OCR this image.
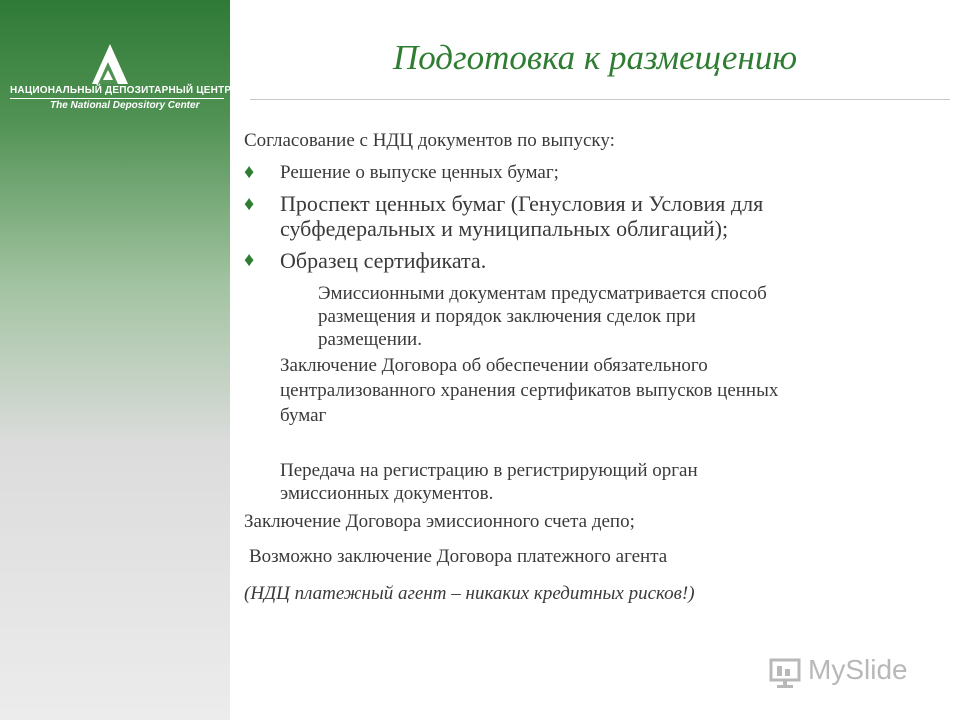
НАЦИОНАЛЬНЫЙ ДЕПОЗИТАРНЫЙ ЦЕНТР
The National Depository Center
Подготовка к размещению
Согласование с НДЦ документов по выпуску:
♦ Решение о выпуске ценных бумаг;
♦ Проспект ценных бумаг (Генусловия и Условия для
субфедеральных и муниципальных облигаций);
♦ Образец сертификата.
Эмиссионными документам предусматривается способ
размещения и порядок заключения сделок при
размещении.
Заключение Договора об обеспечении обязательного
централизованного хранения сертификатов выпусков ценных
бумаг
Передача на регистрацию в регистрирующий орган
эмиссионных документов.
Заключение Договора эмиссионного счета депо;
Возможно заключение Договора платежного агента
(НДЦ платежный агент – никаких кредитных рисков!)
MySlide
